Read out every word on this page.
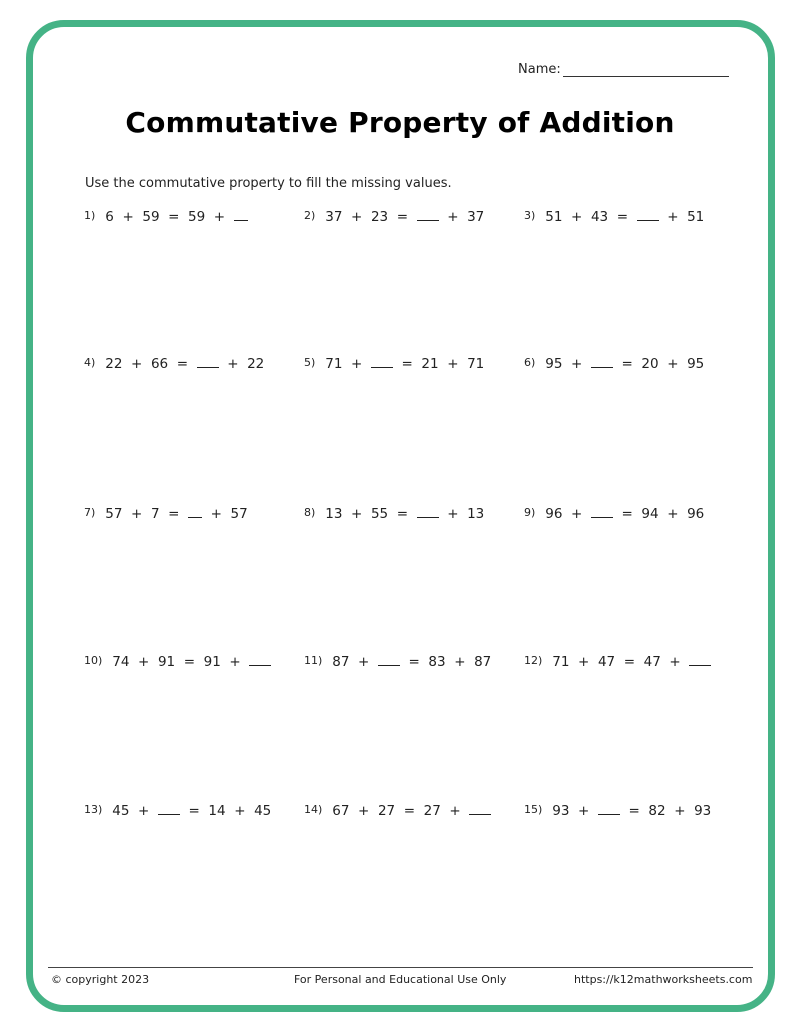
Name:
Commutative Property of Addition
Use the commutative property to fill the missing values.
1) 6  +  59  =  59  +	2) 37  +  23  = +  37	3) 51  +  43  = +  51
4) 22  +  66  = +  22	5) 71  + =  21  +  71	6) 95  + =  20  +  95
7) 57  +  7  = +  57	8) 13  +  55  = +  13	9) 96  + =  94  +  96
10) 74  +  91  =  91  +	11) 87  + =  83  +  87	12) 71  +  47  =  47  +
13) 45  + =  14  +  45	14) 67  +  27  =  27  +	15) 93  + =  82  +  93
© copyright 2023	For Personal and Educational Use Only	https://k12mathworksheets.com
